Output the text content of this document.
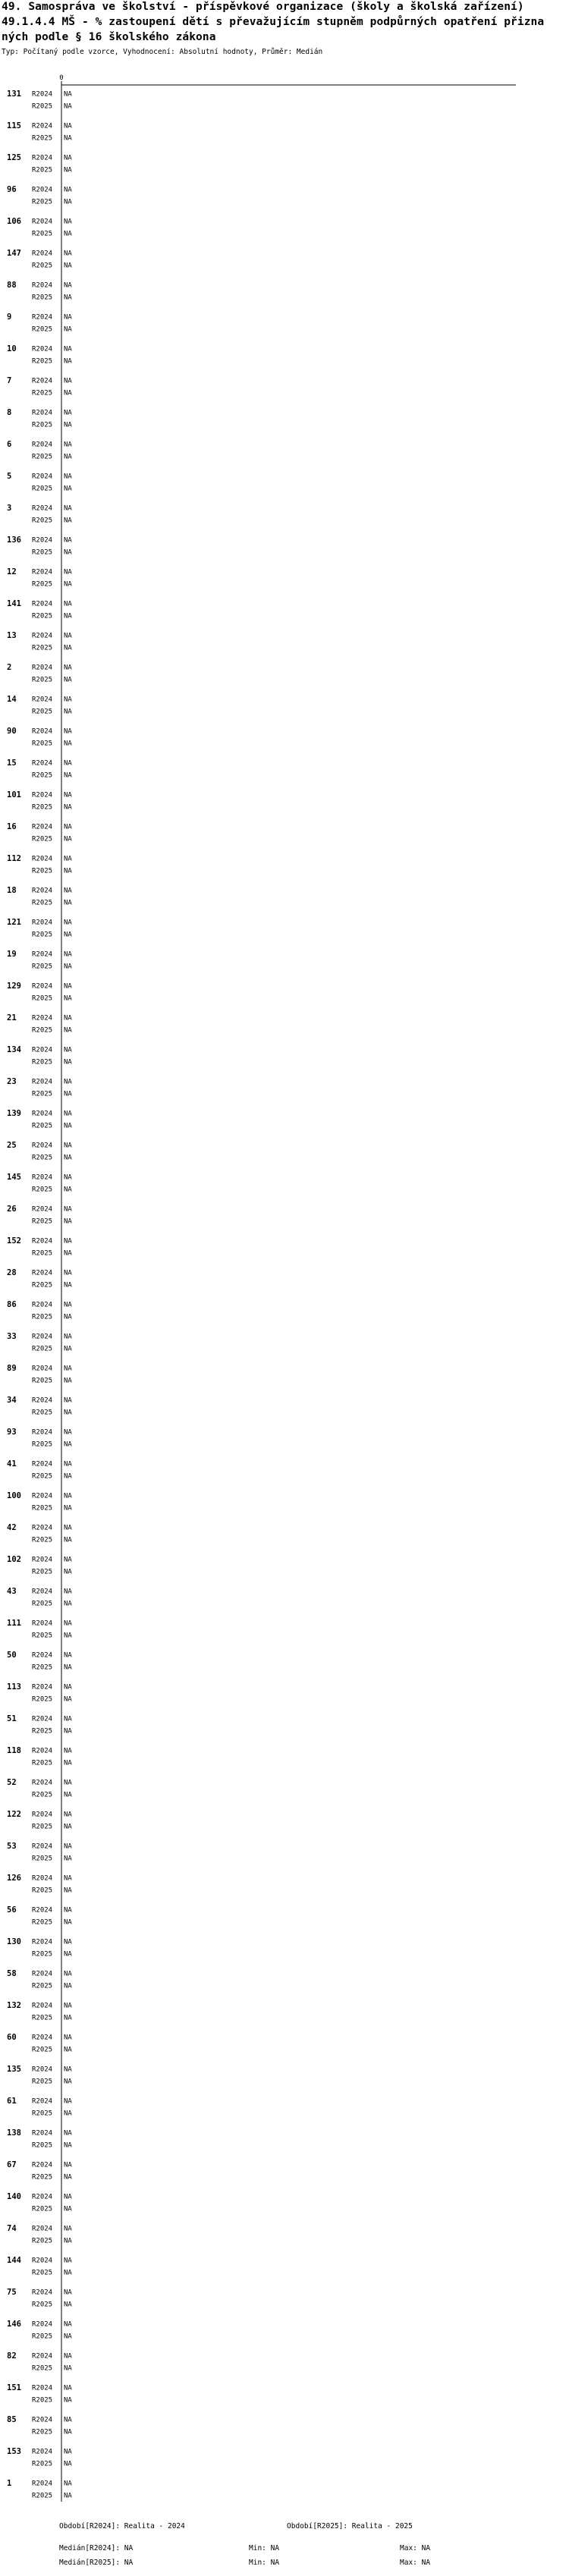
49. Samospráva ve školství - příspěvkové organizace (školy a školská zařízení)
49.1.4.4 MŠ - % zastoupení dětí s převažujícím stupněm podpůrných opatření přizna
ných podle § 16 školského zákona
Typ: Počítaný podle vzorce, Vyhodnocení: Absolutní hodnoty, Průměr: Medián
0
131 R2024 NA
R2025 NA
115 R2024 NA
R2025 NA
125 R2024 NA
R2025 NA
96 R2024 NA
R2025 NA
106 R2024 NA
R2025 NA
147 R2024 NA
R2025 NA
88 R2024 NA
R2025 NA
9	R2024 NA
R2025 NA
10 R2024 NA
R2025 NA
7	R2024 NA
R2025 NA
8	R2024 NA
R2025 NA
6	R2024 NA
R2025 NA
5	R2024 NA
R2025 NA
3	R2024 NA
R2025 NA
136 R2024 NA
R2025 NA
12 R2024 NA
R2025 NA
141 R2024 NA
R2025 NA
13 R2024 NA
R2025 NA
2	R2024 NA
R2025 NA
14 R2024 NA
R2025 NA
90 R2024 NA
R2025 NA
15 R2024 NA
R2025 NA
101 R2024 NA
R2025 NA
16 R2024 NA
R2025 NA
112 R2024 NA
R2025 NA
18 R2024 NA
R2025 NA
121 R2024 NA
R2025 NA
19 R2024 NA
R2025 NA
129 R2024 NA
R2025 NA
21 R2024 NA
R2025 NA
134 R2024 NA
R2025 NA
23 R2024 NA
R2025 NA
139 R2024 NA
R2025 NA
25 R2024 NA
R2025 NA
145 R2024 NA
R2025 NA
26 R2024 NA
R2025 NA
152 R2024 NA
R2025 NA
28 R2024 NA
R2025 NA
86 R2024 NA
R2025 NA
33 R2024 NA
R2025 NA
89 R2024 NA
R2025 NA
34 R2024 NA
R2025 NA
93 R2024 NA
R2025 NA
41 R2024 NA
R2025 NA
100 R2024 NA
R2025 NA
42 R2024 NA
R2025 NA
102 R2024 NA
R2025 NA
43 R2024 NA
R2025 NA
111 R2024 NA
R2025 NA
50 R2024 NA
R2025 NA
113 R2024 NA
R2025 NA
51 R2024 NA
R2025 NA
118 R2024 NA
R2025 NA
52 R2024 NA
R2025 NA
122 R2024 NA
R2025 NA
53 R2024 NA
R2025 NA
126 R2024 NA
R2025 NA
56 R2024 NA
R2025 NA
130 R2024 NA
R2025 NA
58 R2024 NA
R2025 NA
132 R2024 NA
R2025 NA
60 R2024 NA
R2025 NA
135 R2024 NA
R2025 NA
61 R2024 NA
R2025 NA
138 R2024 NA
R2025 NA
67 R2024 NA
R2025 NA
140 R2024 NA
R2025 NA
74 R2024 NA
R2025 NA
144 R2024 NA
R2025 NA
75 R2024 NA
R2025 NA
146 R2024 NA
R2025 NA
82 R2024 NA
R2025 NA
151 R2024 NA
R2025 NA
85 R2024 NA
R2025 NA
153 R2024 NA
R2025 NA
1	R2024 NA
R2025 NA
Období[R2024]: Realita - 2024	Období[R2025]: Realita - 2025
Medián[R2024]: NA	Min: NA	Max: NA
Medián[R2025]: NA	Min: NA	Max: NA
